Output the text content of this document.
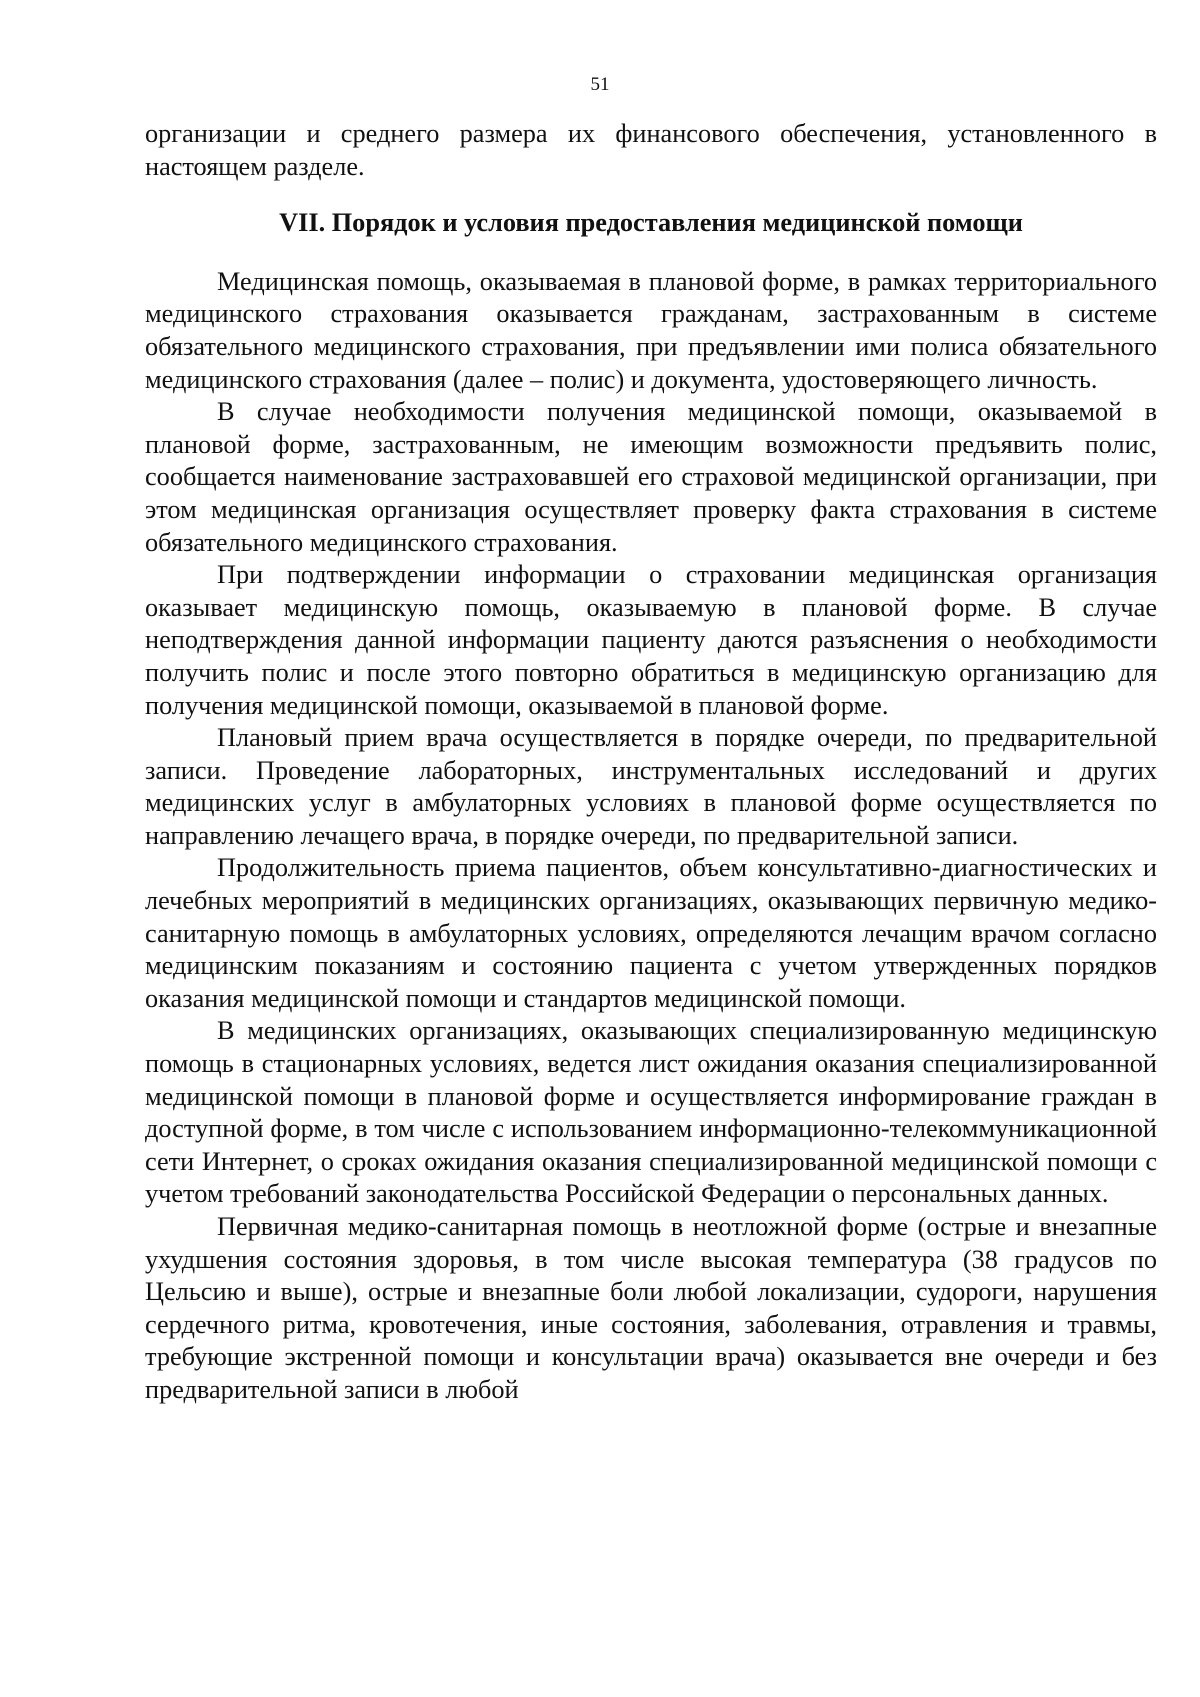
51

организации и среднего размера их финансового обеспечения, установленного в настоящем разделе.

VII. Порядок и условия предоставления медицинской помощи

Медицинская помощь, оказываемая в плановой форме, в рамках территориального медицинского страхования оказывается гражданам, застрахованным в системе обязательного медицинского страхования, при предъявлении ими полиса обязательного медицинского страхования (далее – полис) и документа, удостоверяющего личность.

В случае необходимости получения медицинской помощи, оказываемой в плановой форме, застрахованным, не имеющим возможности предъявить полис, сообщается наименование застраховавшей его страховой медицинской организации, при этом медицинская организация осуществляет проверку факта страхования в системе обязательного медицинского страхования.

При подтверждении информации о страховании медицинская организация оказывает медицинскую помощь, оказываемую в плановой форме. В случае неподтверждения данной информации пациенту даются разъяснения о необходимости получить полис и после этого повторно обратиться в медицинскую организацию для получения медицинской помощи, оказываемой в плановой форме.

Плановый прием врача осуществляется в порядке очереди, по предварительной записи. Проведение лабораторных, инструментальных исследований и других медицинских услуг в амбулаторных условиях в плановой форме осуществляется по направлению лечащего врача, в порядке очереди, по предварительной записи.

Продолжительность приема пациентов, объем консультативно-диагностических и лечебных мероприятий в медицинских организациях, оказывающих первичную медико-санитарную помощь в амбулаторных условиях, определяются лечащим врачом согласно медицинским показаниям и состоянию пациента с учетом утвержденных порядков оказания медицинской помощи и стандартов медицинской помощи.

В медицинских организациях, оказывающих специализированную медицинскую помощь в стационарных условиях, ведется лист ожидания оказания специализированной медицинской помощи в плановой форме и осуществляется информирование граждан в доступной форме, в том числе с использованием информационно-телекоммуникационной сети Интернет, о сроках ожидания оказания специализированной медицинской помощи с учетом требований законодательства Российской Федерации о персональных данных.

Первичная медико-санитарная помощь в неотложной форме (острые и внезапные ухудшения состояния здоровья, в том числе высокая температура (38 градусов по Цельсию и выше), острые и внезапные боли любой локализации, судороги, нарушения сердечного ритма, кровотечения, иные состояния, заболевания, отравления и травмы, требующие экстренной помощи и консультации врача) оказывается вне очереди и без предварительной записи в любой
